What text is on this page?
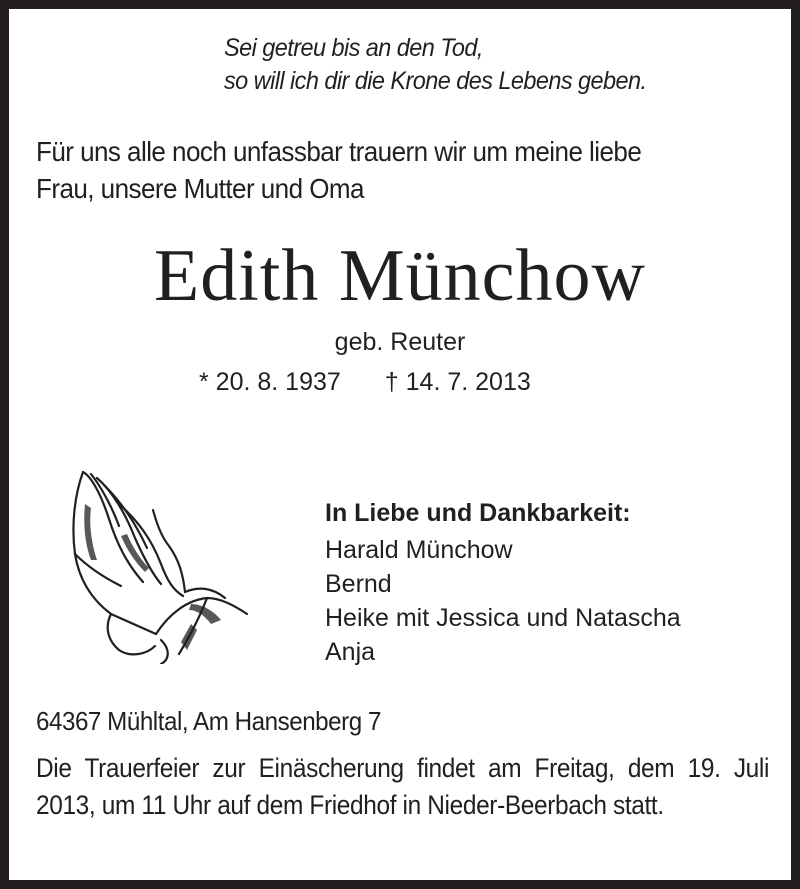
Sei getreu bis an den Tod,
so will ich dir die Krone des Lebens geben.
Für uns alle noch unfassbar trauern wir um meine liebe
Frau, unsere Mutter und Oma
Edith Münchow
geb. Reuter
* 20. 8. 1937 † 14. 7. 2013
In Liebe und Dankbarkeit:
Harald Münchow
Bernd
Heike mit Jessica und Natascha
Anja
64367 Mühltal, Am Hansenberg 7
Die Trauerfeier zur Einäscherung findet am Freitag, dem 19. Juli 2013, um 11 Uhr auf dem Friedhof in Nieder-Beerbach statt.
